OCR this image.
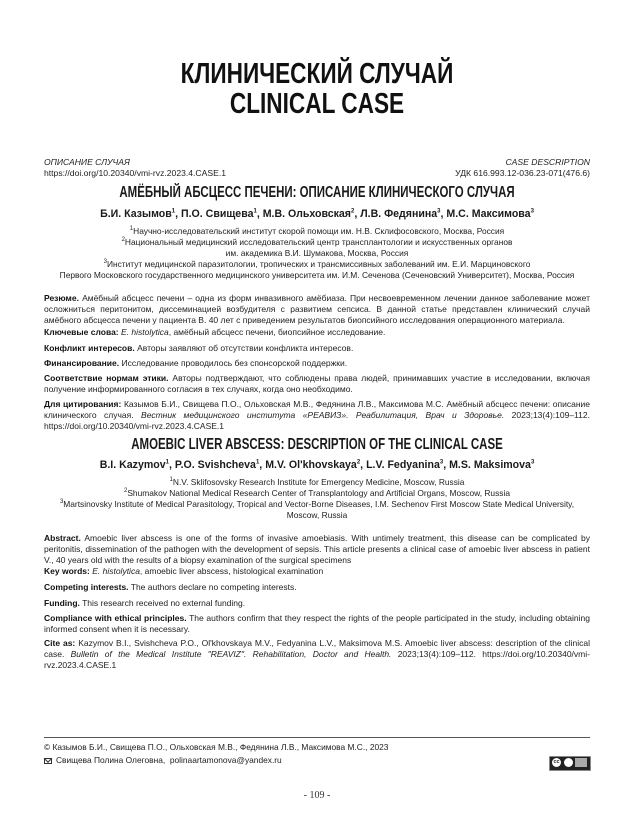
КЛИНИЧЕСКИЙ СЛУЧАЙ
CLINICAL CASE
ОПИСАНИЕ СЛУЧАЯ
https://doi.org/10.20340/vmi-rvz.2023.4.CASE.1
CASE DESCRIPTION
УДК 616.993.12-036.23-071(476.6)
АМЁБНЫЙ АБСЦЕСС ПЕЧЕНИ: ОПИСАНИЕ КЛИНИЧЕСКОГО СЛУЧАЯ
Б.И. Казымов$^1$, П.О. Свищева$^1$, М.В. Ольховская$^2$, Л.В. Федянина$^3$, М.С. Максимова$^3$
$^1$Научно-исследовательский институт скорой помощи им. Н.В. Склифосовского, Москва, Россия
$^2$Национальный медицинский исследовательский центр трансплантологии и искусственных органов
им. академика В.И. Шумакова, Москва, Россия
$^3$Институт медицинской паразитологии, тропических и трансмиссивных заболеваний им. Е.И. Марциновского
Первого Московского государственного медицинского университета им. И.М. Сеченова (Сеченовский Университет), Москва, Россия
Резюме. Амёбный абсцесс печени – одна из форм инвазивного амёбиаза. При несвоевременном лечении данное заболевание может осложниться перитонитом, диссеминацией возбудителя с развитием сепсиса. В данной статье представлен клинический случай амёбного абсцесса печени у пациента В. 40 лет с приведением результатов биопсийного исследования операционного материала.
Ключевые слова: E. histolytica, амёбный абсцесс печени, биопсийное исследование.
Конфликт интересов. Авторы заявляют об отсутствии конфликта интересов.
Финансирование. Исследование проводилось без спонсорской поддержки.
Соответствие нормам этики. Авторы подтверждают, что соблюдены права людей, принимавших участие в исследовании, включая получение информированного согласия в тех случаях, когда оно необходимо.
Для цитирования: Казымов Б.И., Свищева П.О., Ольховская М.В., Федянина Л.В., Максимова М.С. Амёбный абсцесс печени: описание клинического случая. Вестник медицинского института «РЕАВИЗ». Реабилитация, Врач и Здоровье. 2023;13(4):109–112. https://doi.org/10.20340/vmi-rvz.2023.4.CASE.1
AMOEBIC LIVER ABSCESS: DESCRIPTION OF THE CLINICAL CASE
B.I. Kazymov$^1$, P.O. Svishcheva$^1$, M.V. Ol'khovskaya$^2$, L.V. Fedyanina$^3$, M.S. Maksimova$^3$
$^1$N.V. Sklifosovsky Research Institute for Emergency Medicine, Moscow, Russia
$^2$Shumakov National Medical Research Center of Transplantology and Artificial Organs, Moscow, Russia
$^3$Martsinovsky Institute of Medical Parasitology, Tropical and Vector-Borne Diseases, I.M. Sechenov First Moscow State Medical University,
Moscow, Russia
Abstract. Amoebic liver abscess is one of the forms of invasive amoebiasis. With untimely treatment, this disease can be complicated by peritonitis, dissemination of the pathogen with the development of sepsis. This article presents a clinical case of amoebic liver abscess in patient V., 40 years old with the results of a biopsy examination of the surgical specimens
Key words: E. histolytica, amoebic liver abscess, histological examination
Competing interests. The authors declare no competing interests.
Funding. This research received no external funding.
Compliance with ethical principles. The authors confirm that they respect the rights of the people participated in the study, including obtaining informed consent when it is necessary.
Cite as: Kazymov B.I., Svishcheva P.O., Ol'khovskaya M.V., Fedyanina L.V., Maksimova M.S. Amoebic liver abscess: description of the clinical case. Bulletin of the Medical Institute "REAVIZ". Rehabilitation, Doctor and Health. 2023;13(4):109–112. https://doi.org/10.20340/vmi-rvz.2023.4.CASE.1
© Казымов Б.И., Свищева П.О., Ольховская М.В., Федянина Л.В., Максимова М.С., 2023
Свищева Полина Олеговна, polinaartamonova@yandex.ru	cc
- 109 -
